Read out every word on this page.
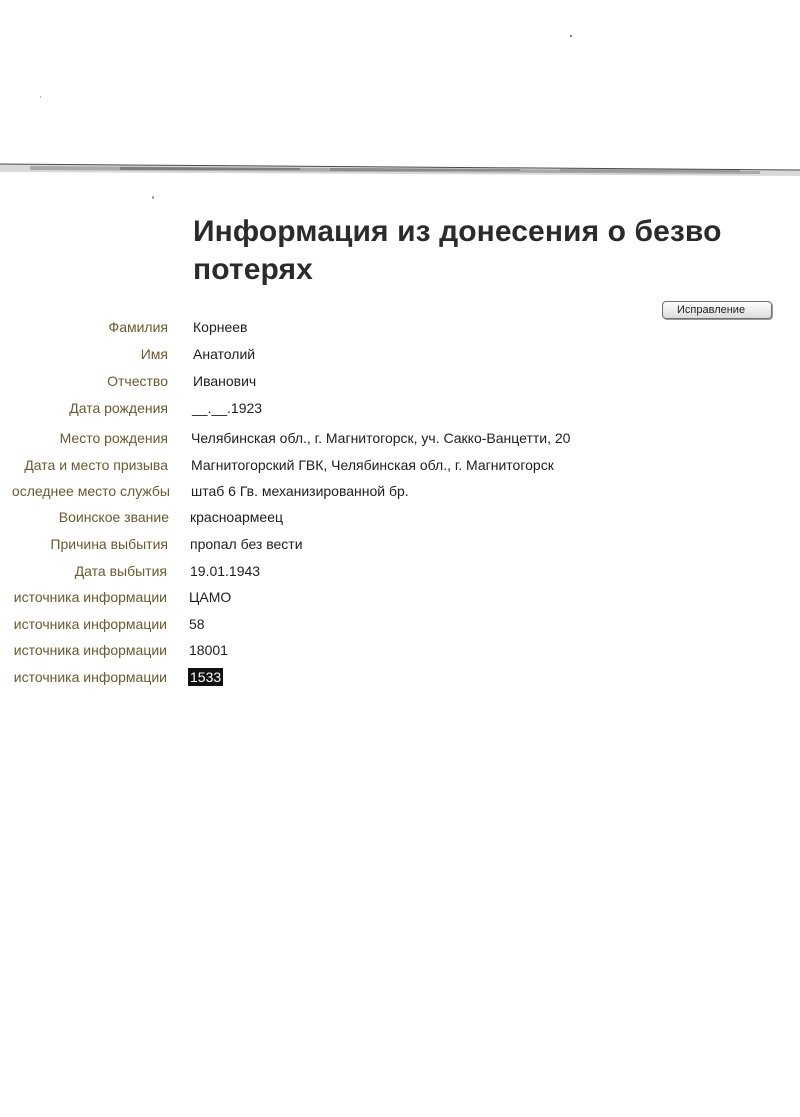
Информация из донесения о безво
потерях
Исправление
Фамилия Корнеев
Имя Анатолий
Отчество Иванович
Дата рождения __.__.1923
Место рождения Челябинская обл., г. Магнитогорск, уч. Сакко-Ванцетти, 20
Дата и место призыва Магнитогорский ГВК, Челябинская обл., г. Магнитогорск
оследнее место службы штаб 6 Гв. механизированной бр.
Воинское звание красноармеец
Причина выбытия пропал без вести
Дата выбытия 19.01.1943
источника информации ЦАМО
источника информации 58
источника информации 18001
источника информации 1533
